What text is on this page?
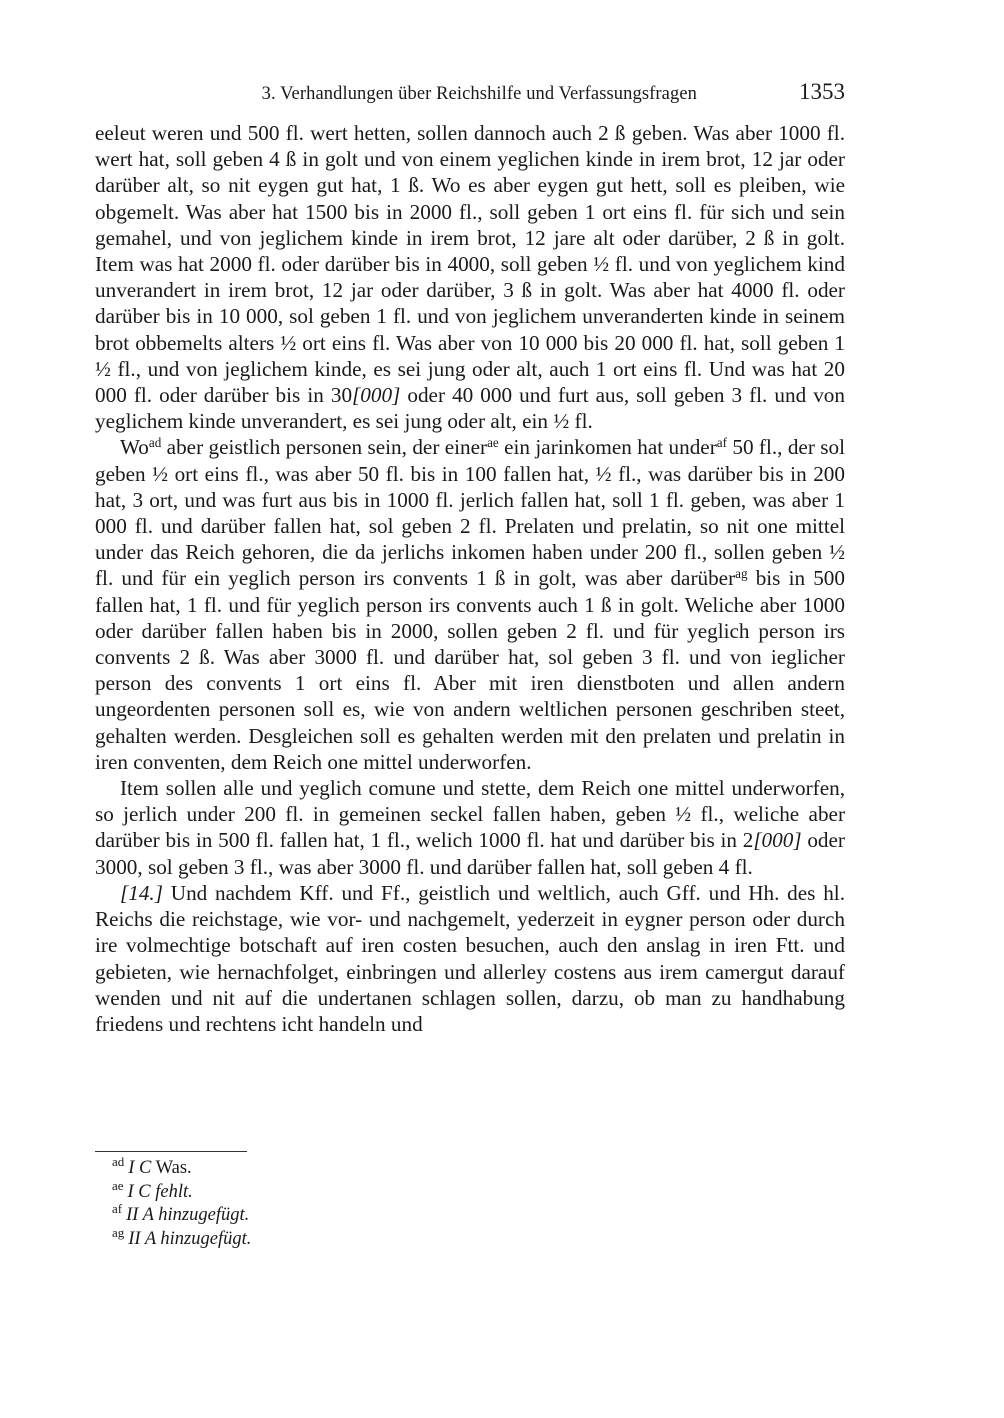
3. Verhandlungen über Reichshilfe und Verfassungsfragen	1353

eeleut weren und 500 fl. wert hetten, sollen dannoch auch 2 ß geben. Was aber 1000 fl. wert hat, soll geben 4 ß in golt und von einem yeglichen kinde in irem brot, 12 jar oder darüber alt, so nit eygen gut hat, 1 ß. Wo es aber eygen gut hett, soll es pleiben, wie obgemelt. Was aber hat 1500 bis in 2000 fl., soll geben 1 ort eins fl. für sich und sein gemahel, und von jeglichem kinde in irem brot, 12 jare alt oder darüber, 2 ß in golt. Item was hat 2000 fl. oder darüber bis in 4000, soll geben ½ fl. und von yeglichem kind unverandert in irem brot, 12 jar oder darüber, 3 ß in golt. Was aber hat 4000 fl. oder darüber bis in 10 000, sol geben 1 fl. und von jeglichem unveranderten kinde in seinem brot obbemelts alters ½ ort eins fl. Was aber von 10 000 bis 20 000 fl. hat, soll geben 1 ½ fl., und von jeglichem kinde, es sei jung oder alt, auch 1 ort eins fl. Und was hat 20 000 fl. oder darüber bis in 30[000] oder 40 000 und furt aus, soll geben 3 fl. und von yeglichem kinde unverandert, es sei jung oder alt, ein ½ fl.

$Wo^{ad}$ aber geistlich personen sein, der einer$^{ae}$ ein jarinkomen hat under$^{af}$ 50 fl., der sol geben ½ ort eins fl., was aber 50 fl. bis in 100 fallen hat, ½ fl., was darüber bis in 200 hat, 3 ort, und was furt aus bis in 1000 fl. jerlich fallen hat, soll 1 fl. geben, was aber 1 000 fl. und darüber fallen hat, sol geben 2 fl. Prelaten und prelatin, so nit one mittel under das Reich gehoren, die da jerlichs inkomen haben under 200 fl., sollen geben ½ fl. und für ein yeglich person irs convents 1 ß in golt, was aber darüber$^{ag}$ bis in 500 fallen hat, 1 fl. und für yeglich person irs convents auch 1 ß in golt. Weliche aber 1000 oder darüber fallen haben bis in 2000, sollen geben 2 fl. und für yeglich person irs convents 2 ß. Was aber 3000 fl. und darüber hat, sol geben 3 fl. und von ieglicher person des convents 1 ort eins fl. Aber mit iren dienstboten und allen andern ungeordenten personen soll es, wie von andern weltlichen personen geschriben steet, gehalten werden. Desgleichen soll es gehalten werden mit den prelaten und prelatin in iren conventen, dem Reich one mittel underworfen.

Item sollen alle und yeglich comune und stette, dem Reich one mittel underworfen, so jerlich under 200 fl. in gemeinen seckel fallen haben, geben ½ fl., weliche aber darüber bis in 500 fl. fallen hat, 1 fl., welich 1000 fl. hat und darüber bis in 2[000] oder 3000, sol geben 3 fl., was aber 3000 fl. und darüber fallen hat, soll geben 4 fl.

[14.] Und nachdem Kff. und Ff., geistlich und weltlich, auch Gff. und Hh. des hl. Reichs die reichstage, wie vor- und nachgemelt, yederzeit in eygner person oder durch ire volmechtige botschaft auf iren costen besuchen, auch den anslag in iren Ftt. und gebieten, wie hernachfolget, einbringen und allerley costens aus irem camergut darauf wenden und nit auf die undertanen schlagen sollen, darzu, ob man zu handhabung friedens und rechtens icht handeln und

$^{ad}$ I C Was.
$^{ae}$ I C fehlt.
$^{af}$ II A hinzugefügt.
$^{ag}$ II A hinzugefügt.
